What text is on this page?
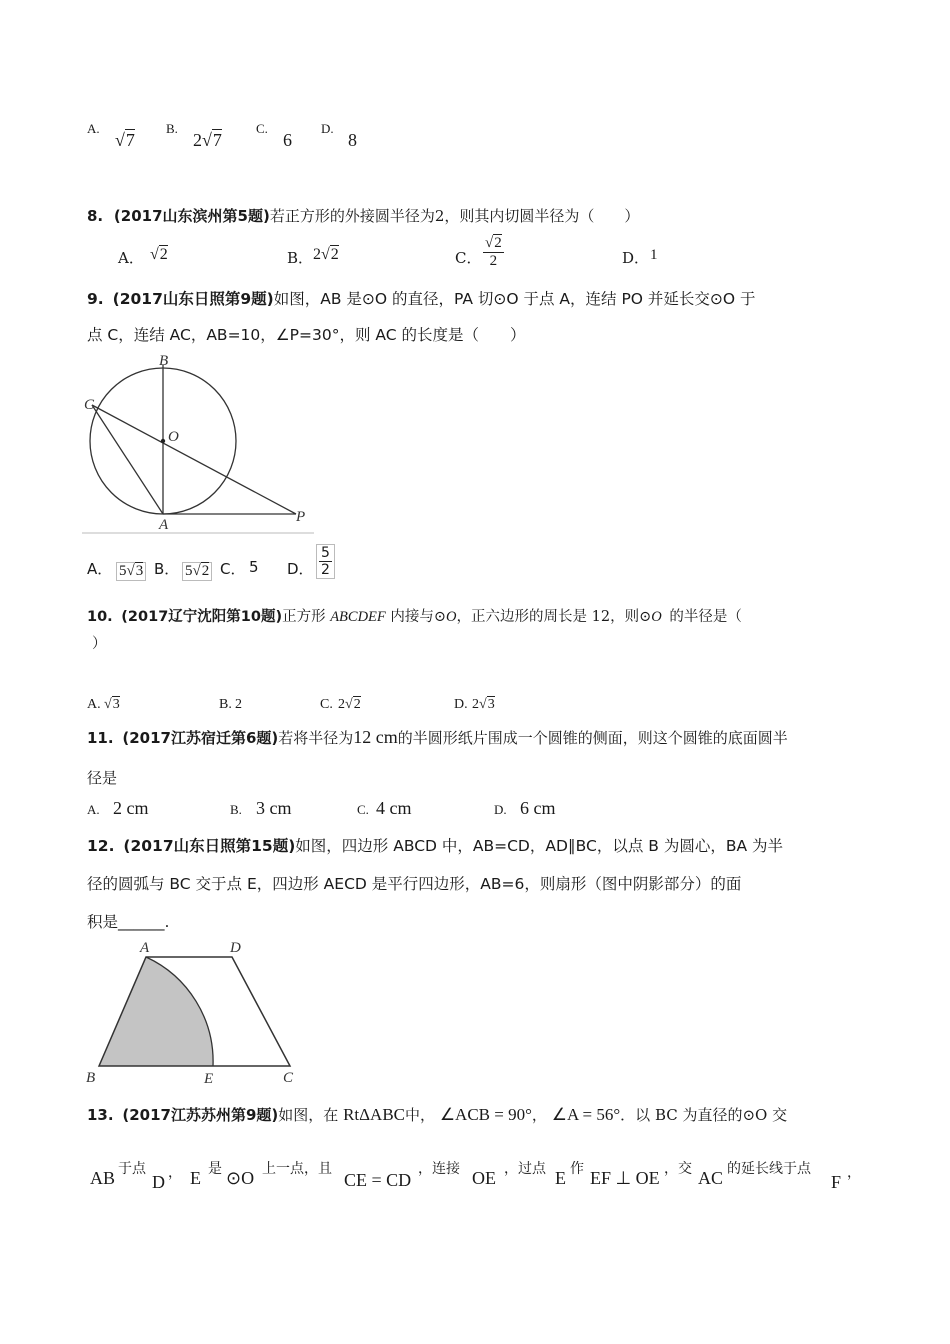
A.
√7
B.
2√7
C.
6
D.
8
8. (2017山东滨州第5题)若正方形的外接圆半径为2，则其内切圆半径为（　　）
A． √2	B． 2√2	C． $\frac{√2}{2}$	D． 1
9. (2017山东日照第9题)如图，AB 是⊙O 的直径，PA 切⊙O 于点 A，连结 PO 并延长交⊙O 于
点 C，连结 AC，AB=10，∠P=30°，则 AC 的长度是（　　）
B
C
O
A	P
A． 5√3 B． 5√2 C． 5 D． $\frac{5}{2}$
10. (2017辽宁沈阳第10题)正方形 ABCDEF 内接与⊙O，正六边形的周长是 12，则⊙O 的半径是（
）
A. √3	B. 2	C. 2√2	D. 2√3
11. (2017江苏宿迁第6题)若将半径为12 cm的半圆形纸片围成一个圆锥的侧面，则这个圆锥的底面圆半
径是
A. 2 cm	B. 3 cm	C. 4 cm	D. 6 cm
12. (2017山东日照第15题)如图，四边形 ABCD 中，AB=CD，AD∥BC，以点 B 为圆心，BA 为半
径的圆弧与 BC 交于点 E，四边形 AECD 是平行四边形，AB=6，则扇形（图中阴影部分）的面
积是______.
A	D
B	E	C
13. (2017江苏苏州第9题)如图，在 RtΔABC中， ∠ACB = 90°， ∠A = 56°．以 BC 为直径的⊙O 交
AB 于点
D ， E 是 ⊙O 上一点，且
CE = CD
，连接 OE ，过点 E 作 EF ⊥ OE ，交 AC 的延长线于点
F ，
